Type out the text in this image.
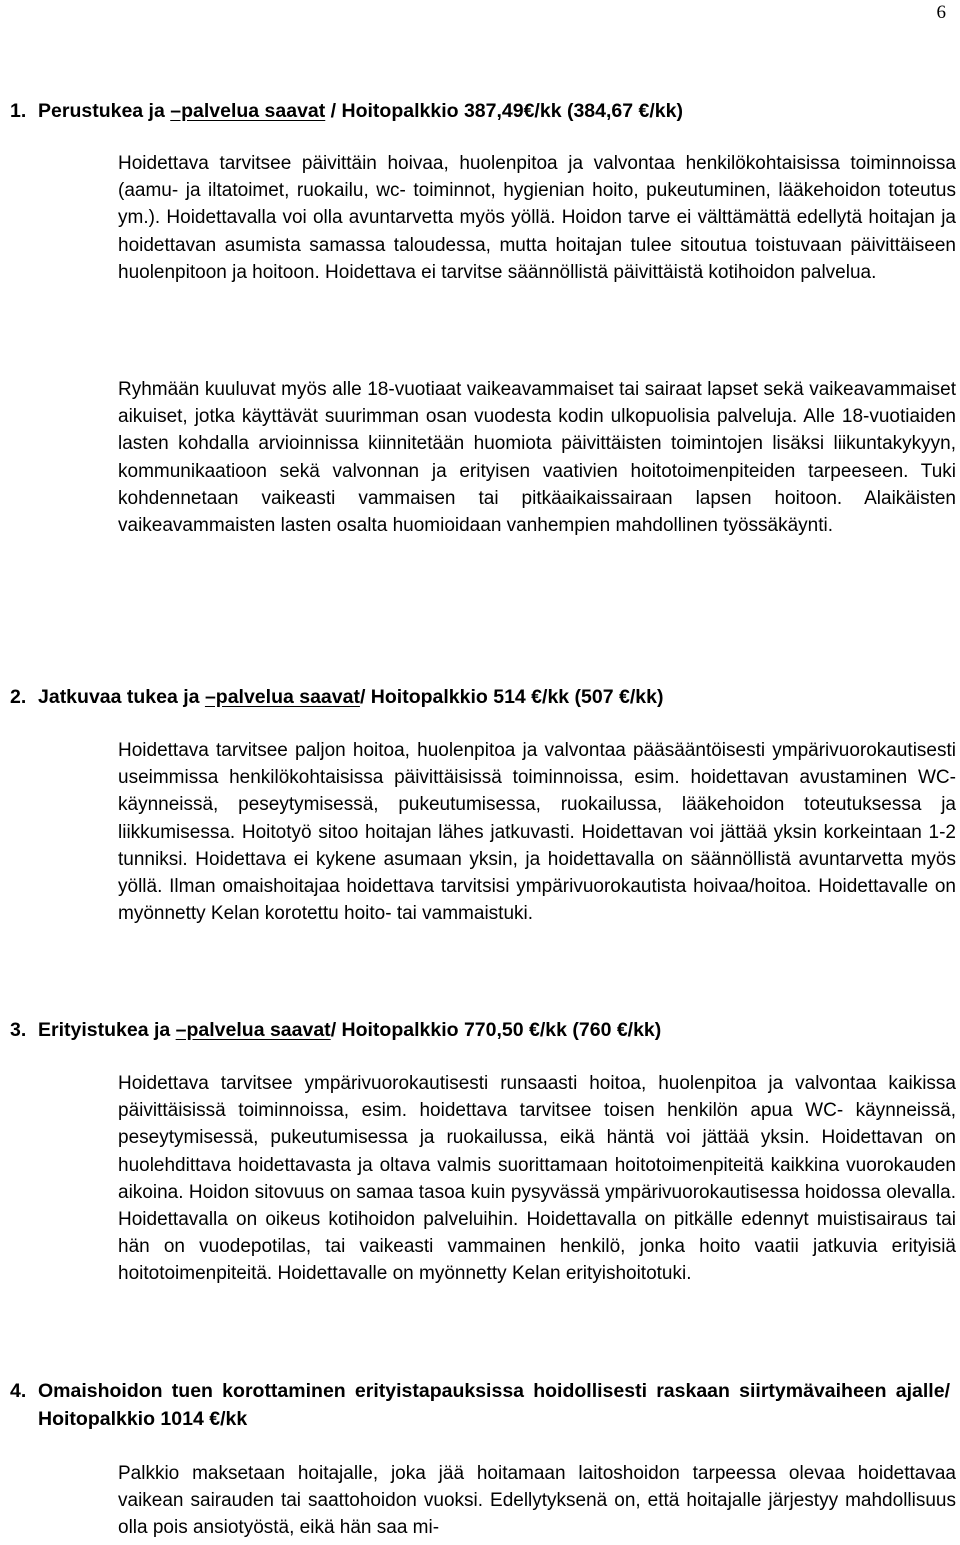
6
1. Perustukea ja –palvelua saavat / Hoitopalkkio 387,49€/kk (384,67 €/kk)

Hoidettava tarvitsee päivittäin hoivaa, huolenpitoa ja valvontaa henkilökohtaisissa toiminnoissa (aamu- ja iltatoimet, ruokailu, wc- toiminnot, hygienian hoito, pukeutuminen, lääkehoidon toteutus ym.). Hoidettavalla voi olla avuntarvetta myös yöllä. Hoidon tarve ei välttämättä edellytä hoitajan ja hoidettavan asumista samassa taloudessa, mutta hoitajan tulee sitoutua toistuvaan päivittäiseen huolenpitoon ja hoitoon. Hoidettava ei tarvitse säännöllistä päivittäistä kotihoidon palvelua.

Ryhmään kuuluvat myös alle 18-vuotiaat vaikeavammaiset tai sairaat lapset sekä vaikeavammaiset aikuiset, jotka käyttävät suurimman osan vuodesta kodin ulkopuolisia palveluja. Alle 18-vuotiaiden lasten kohdalla arvioinnissa kiinnitetään huomiota päivittäisten toimintojen lisäksi liikuntakykyyn, kommunikaatioon sekä valvonnan ja erityisen vaativien hoitotoimenpiteiden tarpeeseen. Tuki kohdennetaan vaikeasti vammaisen tai pitkäaikaissairaan lapsen hoitoon. Alaikäisten vaikeavammaisten lasten osalta huomioidaan vanhempien mahdollinen työssäkäynti.

2. Jatkuvaa tukea ja –palvelua saavat/ Hoitopalkkio 514 €/kk (507 €/kk)

Hoidettava tarvitsee paljon hoitoa, huolenpitoa ja valvontaa pääsääntöisesti ympärivuorokautisesti useimmissa henkilökohtaisissa päivittäisissä toiminnoissa, esim. hoidettavan avustaminen WC-käynneissä, peseytymisessä, pukeutumisessa, ruokailussa, lääkehoidon toteutuksessa ja liikkumisessa. Hoitotyö sitoo hoitajan lähes jatkuvasti. Hoidettavan voi jättää yksin korkeintaan 1-2 tunniksi. Hoidettava ei kykene asumaan yksin, ja hoidettavalla on säännöllistä avuntarvetta myös yöllä. Ilman omaishoitajaa hoidettava tarvitsisi ympärivuorokautista hoivaa/hoitoa. Hoidettavalle on myönnetty Kelan korotettu hoito- tai vammaistuki.

3. Erityistukea ja –palvelua saavat/ Hoitopalkkio 770,50 €/kk (760 €/kk)

Hoidettava tarvitsee ympärivuorokautisesti runsaasti hoitoa, huolenpitoa ja valvontaa kaikissa päivittäisissä toiminnoissa, esim. hoidettava tarvitsee toisen henkilön apua WC- käynneissä, peseytymisessä, pukeutumisessa ja ruokailussa, eikä häntä voi jättää yksin. Hoidettavan on huolehdittava hoidettavasta ja oltava valmis suorittamaan hoitotoimenpiteitä kaikkina vuorokauden aikoina. Hoidon sitovuus on samaa tasoa kuin pysyvässä ympärivuorokautisessa hoidossa olevalla. Hoidettavalla on oikeus kotihoidon palveluihin. Hoidettavalla on pitkälle edennyt muistisairaus tai hän on vuodepotilas, tai vaikeasti vammainen henkilö, jonka hoito vaatii jatkuvia erityisiä hoitotoimenpiteitä. Hoidettavalle on myönnetty Kelan erityishoitotuki.

4. Omaishoidon tuen korottaminen erityistapauksissa hoidollisesti raskaan siirtymävaiheen ajalle/ Hoitopalkkio 1014 €/kk

Palkkio maksetaan hoitajalle, joka jää hoitamaan laitoshoidon tarpeessa olevaa hoidettavaa vaikean sairauden tai saattohoidon vuoksi. Edellytyksenä on, että hoitajalle järjestyy mahdollisuus olla pois ansiotyöstä, eikä hän saa mi-
